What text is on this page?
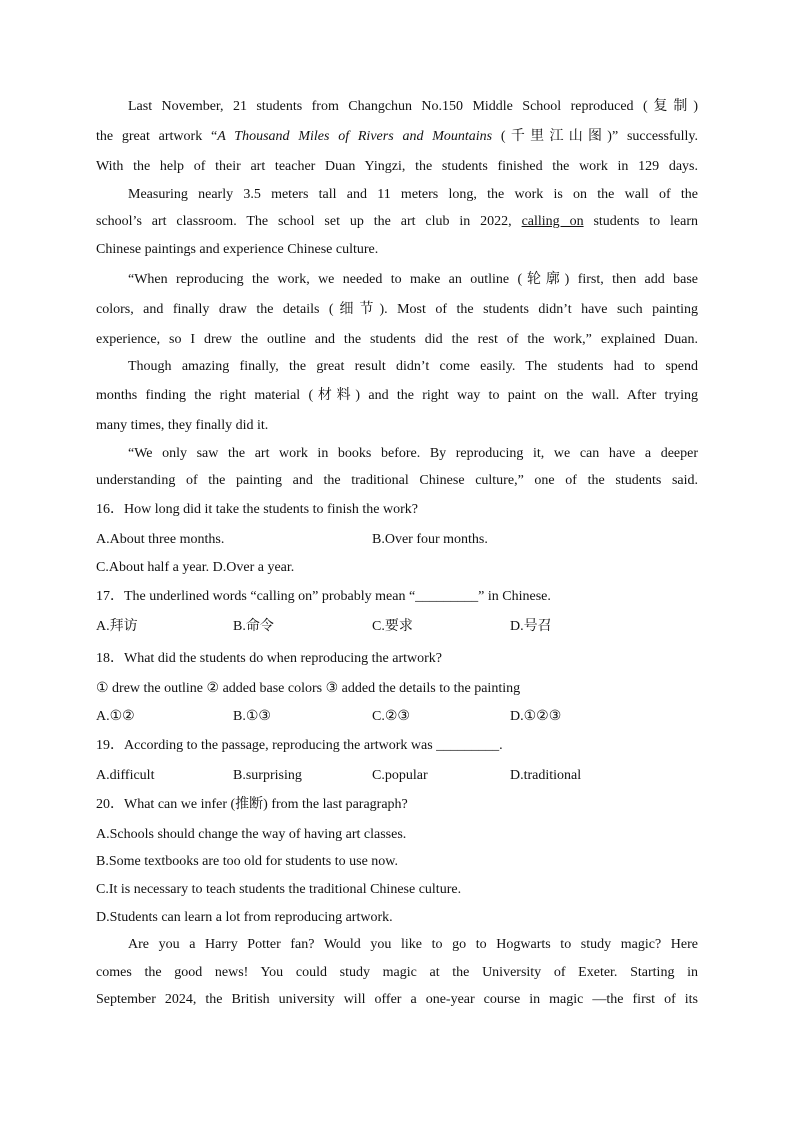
Last November, 21 students from Changchun No.150 Middle School reproduced (复制)
the great artwork “A Thousand Miles of Rivers and Mountains (千里江山图)” successfully.
With the help of their art teacher Duan Yingzi, the students finished the work in 129 days.
Measuring nearly 3.5 meters tall and 11 meters long, the work is on the wall of the
school’s art classroom. The school set up the art club in 2022, calling on students to learn
Chinese paintings and experience Chinese culture.
“When reproducing the work, we needed to make an outline (轮廓) first, then add base
colors, and finally draw the details (细节). Most of the students didn’t have such painting
experience, so I drew the outline and the students did the rest of the work,” explained Duan.
Though amazing finally, the great result didn’t come easily. The students had to spend
months finding the right material (材料) and the right way to paint on the wall. After trying
many times, they finally did it.
“We only saw the art work in books before. By reproducing it, we can have a deeper
understanding of the painting and the traditional Chinese culture,” one of the students said.
16．How long did it take the students to finish the work?
A.About three months.	B.Over four months.
C.About half a year. D.Over a year.
17．The underlined words “calling on” probably mean “_________” in Chinese.
A.拜访	B.命令	C.要求	D.号召
18．What did the students do when reproducing the artwork?
① drew the outline ② added base colors ③ added the details to the painting
A.①②	B.①③	C.②③	D.①②③
19．According to the passage, reproducing the artwork was _________.
A.difficult	B.surprising	C.popular	D.traditional
20．What can we infer (推断) from the last paragraph?
A.Schools should change the way of having art classes.
B.Some textbooks are too old for students to use now.
C.It is necessary to teach students the traditional Chinese culture.
D.Students can learn a lot from reproducing artwork.
Are you a Harry Potter fan? Would you like to go to Hogwarts to study magic? Here
comes the good news! You could study magic at the University of Exeter. Starting in
September 2024, the British university will offer a one-year course in magic —the first of its
